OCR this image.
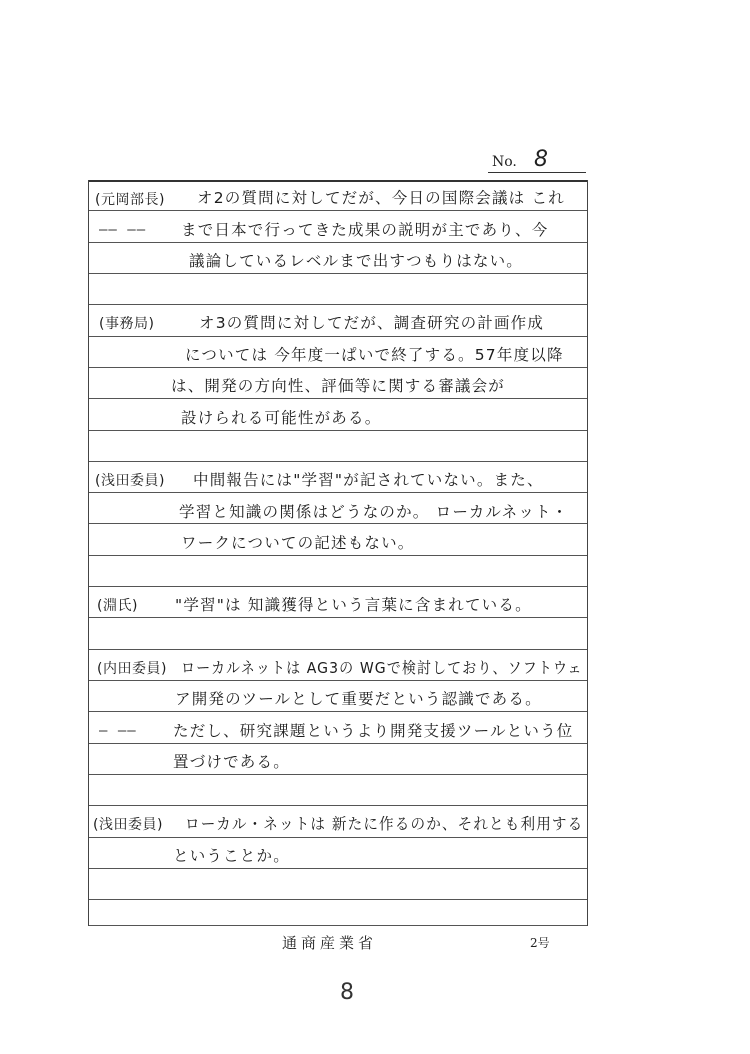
No. 8
(元岡部長) オ2の質問に対してだが、今日の国際会議は これ
—— —— まで日本で行ってきた成果の説明が主であり、今
議論しているレベルまで出すつもりはない。
(事務局)	オ3の質問に対してだが、調査研究の計画作成
については 今年度一ぱいで終了する。57年度以降
は、開発の方向性、評価等に関する審議会が
設けられる可能性がある。
(浅田委員) 中間報告には"学習"が記されていない。また、
学習と知識の関係はどうなのか。 ローカルネット・
ワークについての記述もない。
(淵氏) "学習"は 知識獲得という言葉に含まれている。
(内田委員) ローカルネットは AG3の WGで検討しており、ソフトウェ
ア開発のツールとして重要だという認識である。
— —— ただし、研究課題というより開発支援ツールという位
置づけである。
(浅田委員) ローカル・ネットは 新たに作るのか、それとも利用する
ということか。
通商産業省	2号
8
